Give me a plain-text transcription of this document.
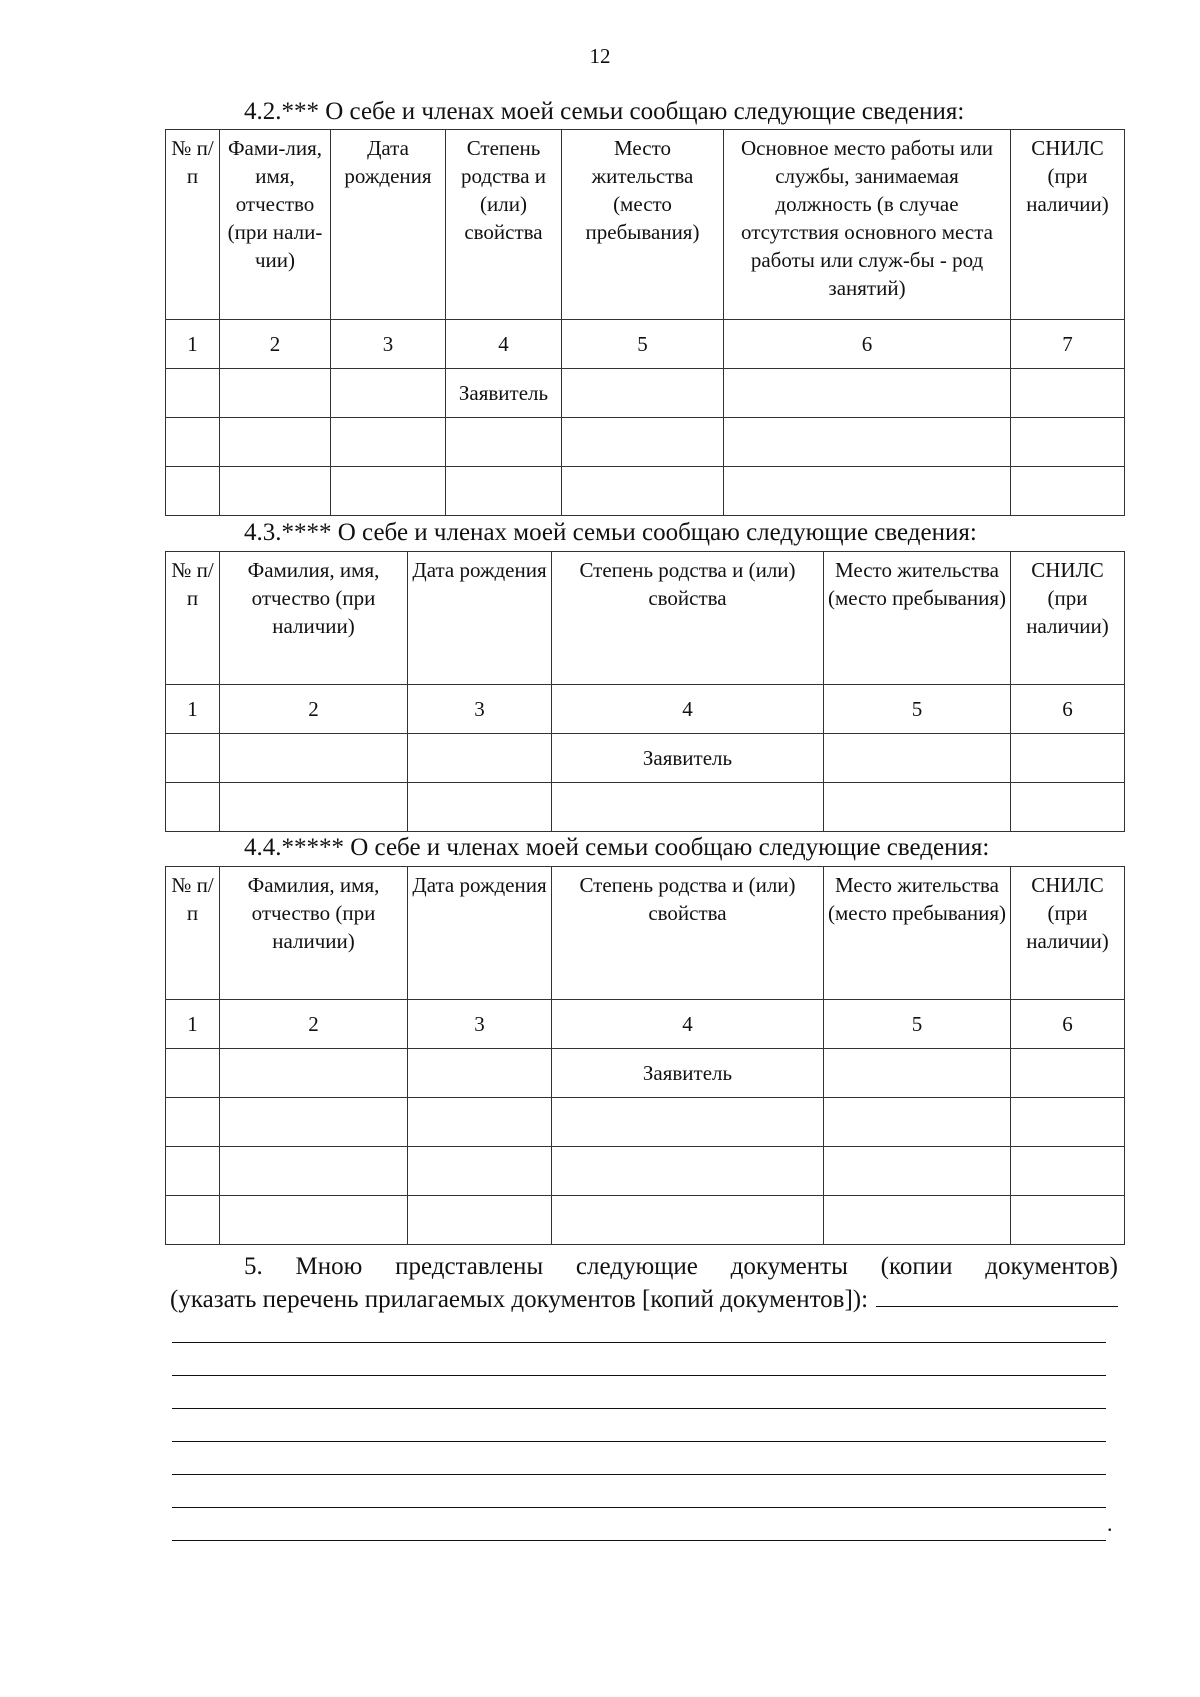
12
4.2.*** О себе и членах моей семьи сообщаю следующие сведения:
№ п/п	Фами-лия, имя, отчество (при нали-чии)	Дата рождения	Степень родства и (или) свойства	Место жительства (место пребывания)	Основное место работы или службы, занимаемая должность (в случае отсутствия основного места работы или служ-бы - род занятий)	СНИЛС (при наличии)
1	2	3	4	5	6	7
			Заявитель			

4.3.**** О себе и членах моей семьи сообщаю следующие сведения:
№ п/п	Фамилия, имя, отчество (при наличии)	Дата рождения	Степень родства и (или) свойства	Место жительства (место пребывания)	СНИЛС (при наличии)
1	2	3	4	5	6
			Заявитель		

4.4.***** О себе и членах моей семьи сообщаю следующие сведения:
№ п/п	Фамилия, имя, отчество (при наличии)	Дата рождения	Степень родства и (или) свойства	Место жительства (место пребывания)	СНИЛС (при наличии)
1	2	3	4	5	6
			Заявитель		

5. Мною представлены следующие документы (копии документов)
(указать перечень прилагаемых документов [копий документов]):
.
